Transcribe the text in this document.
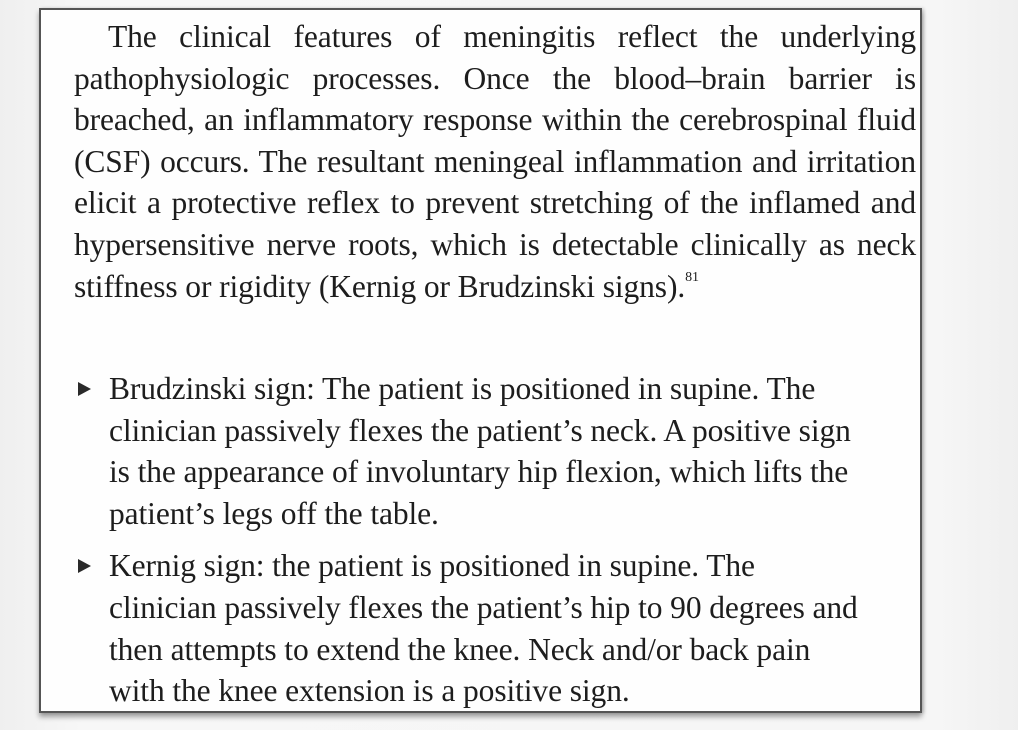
The clinical features of meningitis reflect the underlying pathophysiologic processes. Once the blood–brain barrier is breached, an inflammatory response within the cerebrospinal fluid (CSF) occurs. The resultant meningeal inflammation and irritation elicit a protective reflex to prevent stretching of the inflamed and hypersensitive nerve roots, which is detectable clinically as neck stiffness or rigidity (Kernig or Brudzinski signs).$^{81}$

Brudzinski sign: The patient is positioned in supine. The clinician passively flexes the patient’s neck. A positive sign is the appearance of involuntary hip flexion, which lifts the patient’s legs off the table.
Kernig sign: the patient is positioned in supine. The clinician passively flexes the patient’s hip to 90 degrees and then attempts to extend the knee. Neck and/or back pain with the knee extension is a positive sign.
